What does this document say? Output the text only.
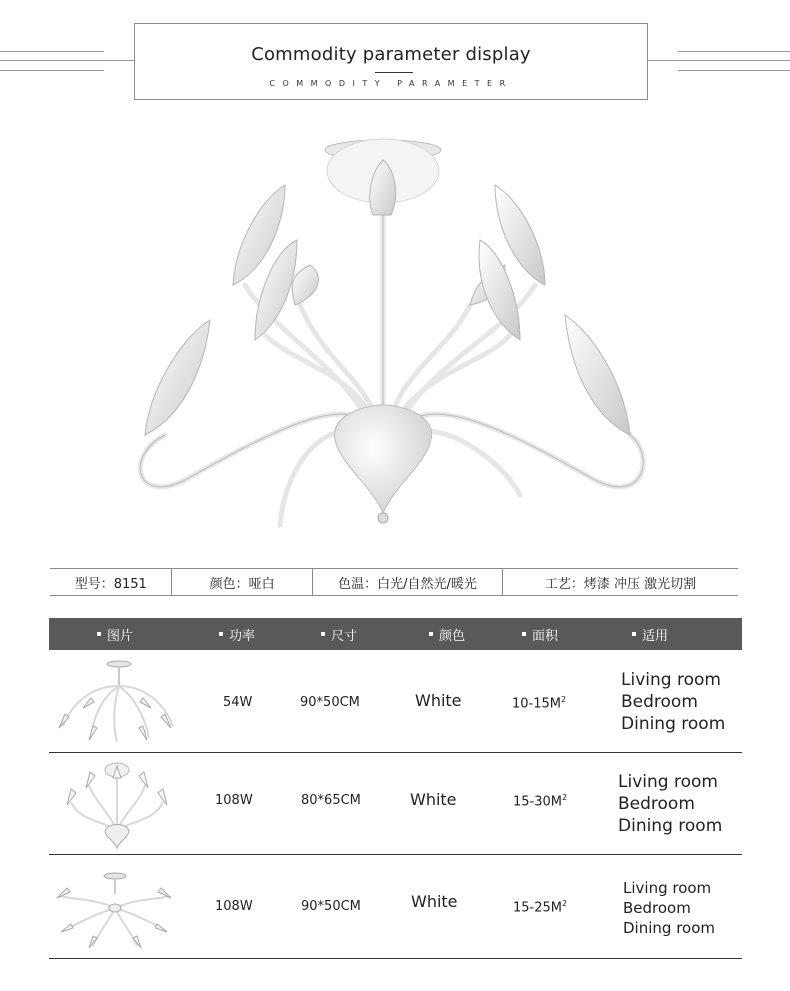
Commodity parameter display
COMMODITY PARAMETER
型号：8151	颜色：哑白	色温：白光/自然光/暖光	工艺：烤漆 冲压 激光切割
图片	功率	尺寸	颜色	面积	适用
54W	90*50CM	White	$10-15M^2$
Living room
Bedroom
Dining room
108W	80*65CM	White	$15-30M^2$
Living room
Bedroom
Dining room
108W	90*50CM	White	$15-25M^2$
Living room
Bedroom
Dining room
